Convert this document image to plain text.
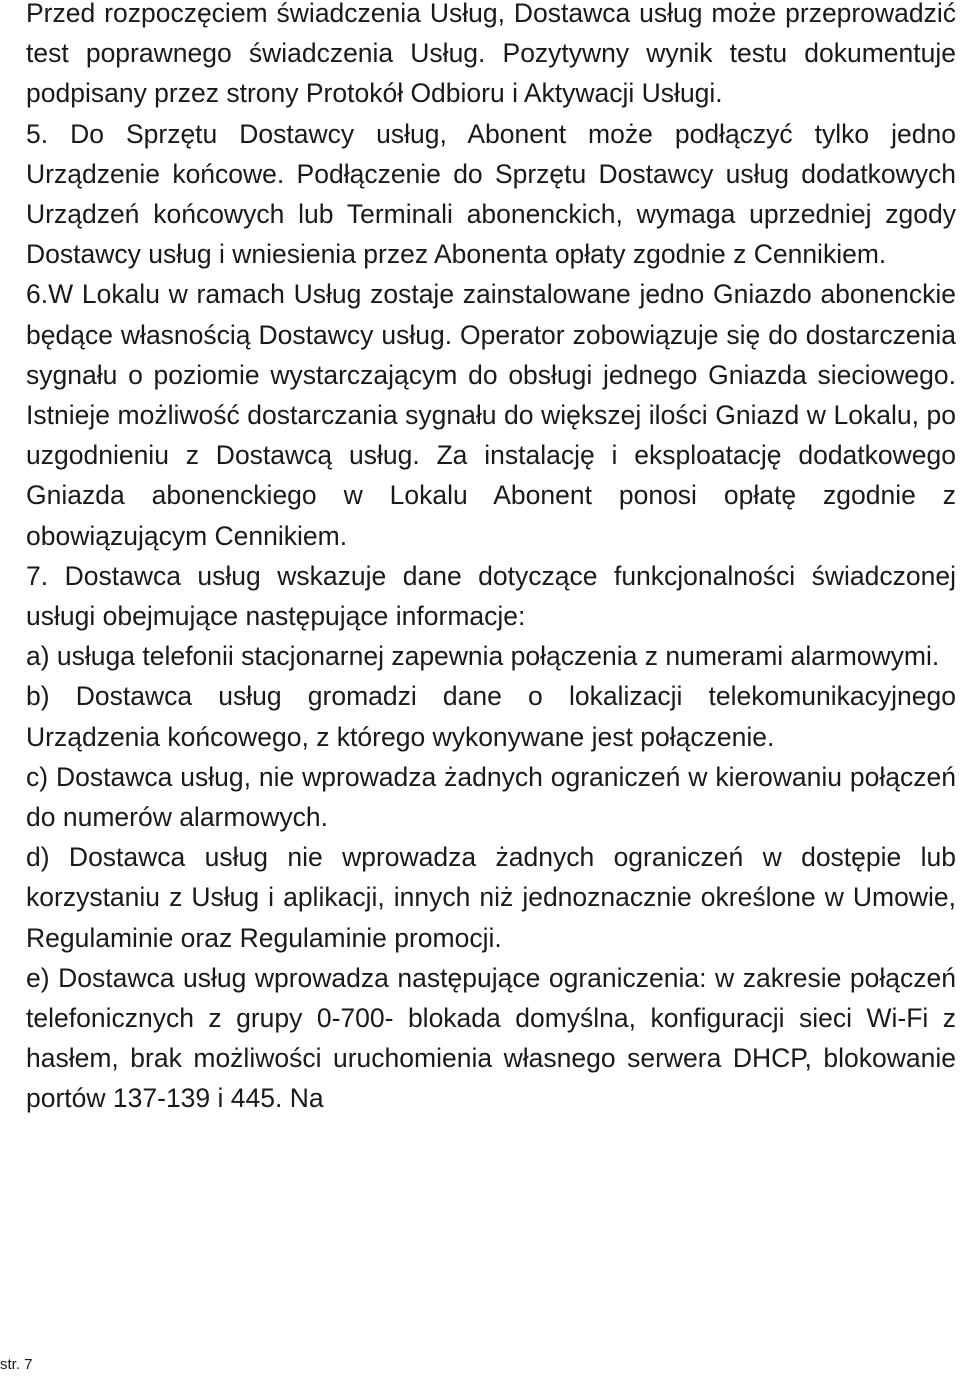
Przed rozpoczęciem świadczenia Usług, Dostawca usług może przeprowadzić test poprawnego świadczenia Usług. Pozytywny wynik testu dokumentuje podpisany przez strony Protokół Odbioru i Aktywacji Usługi.

5. Do Sprzętu Dostawcy usług, Abonent może podłączyć tylko jedno Urządzenie końcowe. Podłączenie do Sprzętu Dostawcy usług dodatkowych Urządzeń końcowych lub Terminali abonenckich, wymaga uprzedniej zgody Dostawcy usług i wniesienia przez Abonenta opłaty zgodnie z Cennikiem.

6.W Lokalu w ramach Usług zostaje zainstalowane jedno Gniazdo abonenckie będące własnością Dostawcy usług. Operator zobowiązuje się do dostarczenia sygnału o poziomie wystarczającym do obsługi jednego Gniazda sieciowego. Istnieje możliwość dostarczania sygnału do większej ilości Gniazd w Lokalu, po uzgodnieniu z Dostawcą usług. Za instalację i eksploatację dodatkowego Gniazda abonenckiego w Lokalu Abonent ponosi opłatę zgodnie z obowiązującym Cennikiem.

7. Dostawca usług wskazuje dane dotyczące funkcjonalności świadczonej usługi obejmujące następujące informacje:

a) usługa telefonii stacjonarnej zapewnia połączenia z numerami alarmowymi.

b) Dostawca usług gromadzi dane o lokalizacji telekomunikacyjnego Urządzenia końcowego, z którego wykonywane jest połączenie.

c) Dostawca usług, nie wprowadza żadnych ograniczeń w kierowaniu połączeń do numerów alarmowych.

d) Dostawca usług nie wprowadza żadnych ograniczeń w dostępie lub korzystaniu z Usług i aplikacji, innych niż jednoznacznie określone w Umowie, Regulaminie oraz Regulaminie promocji.

e) Dostawca usług wprowadza następujące ograniczenia: w zakresie połączeń telefonicznych z grupy 0-700- blokada domyślna, konfiguracji sieci Wi-Fi z hasłem, brak możliwości uruchomienia własnego serwera DHCP, blokowanie portów 137-139 i 445. Na

str. 7
